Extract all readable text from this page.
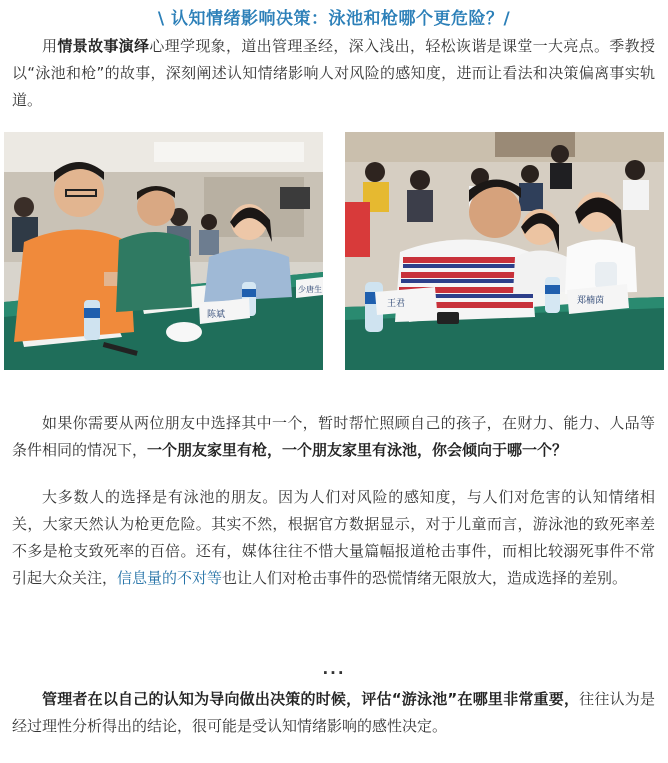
\ 认知情绪影响决策：泳池和枪哪个更危险？/

用情景故事演绎心理学现象，道出管理圣经，深入浅出，轻松诙谐是课堂一大亮点。季教授以“泳池和枪”的故事，深刻阐述认知情绪影响人对风险的感知度，进而让看法和决策偏离事实轨道。

陈斌
少唐生
王君	郑楠茵

如果你需要从两位朋友中选择其中一个，暂时帮忙照顾自己的孩子，在财力、能力、人品等条件相同的情况下，一个朋友家里有枪，一个朋友家里有泳池，你会倾向于哪一个？

大多数人的选择是有泳池的朋友。因为人们对风险的感知度，与人们对危害的认知情绪相关，大家天然认为枪更危险。其实不然，根据官方数据显示，对于儿童而言，游泳池的致死率差不多是枪支致死率的百倍。还有，媒体往往不惜大量篇幅报道枪击事件，而相比较溺死事件不常引起大众关注，信息量的不对等也让人们对枪击事件的恐慌情绪无限放大，造成选择的差别。

...

管理者在以自己的认知为导向做出决策的时候，评估“游泳池”在哪里非常重要，往往认为是经过理性分析得出的结论，很可能是受认知情绪影响的感性决定。
